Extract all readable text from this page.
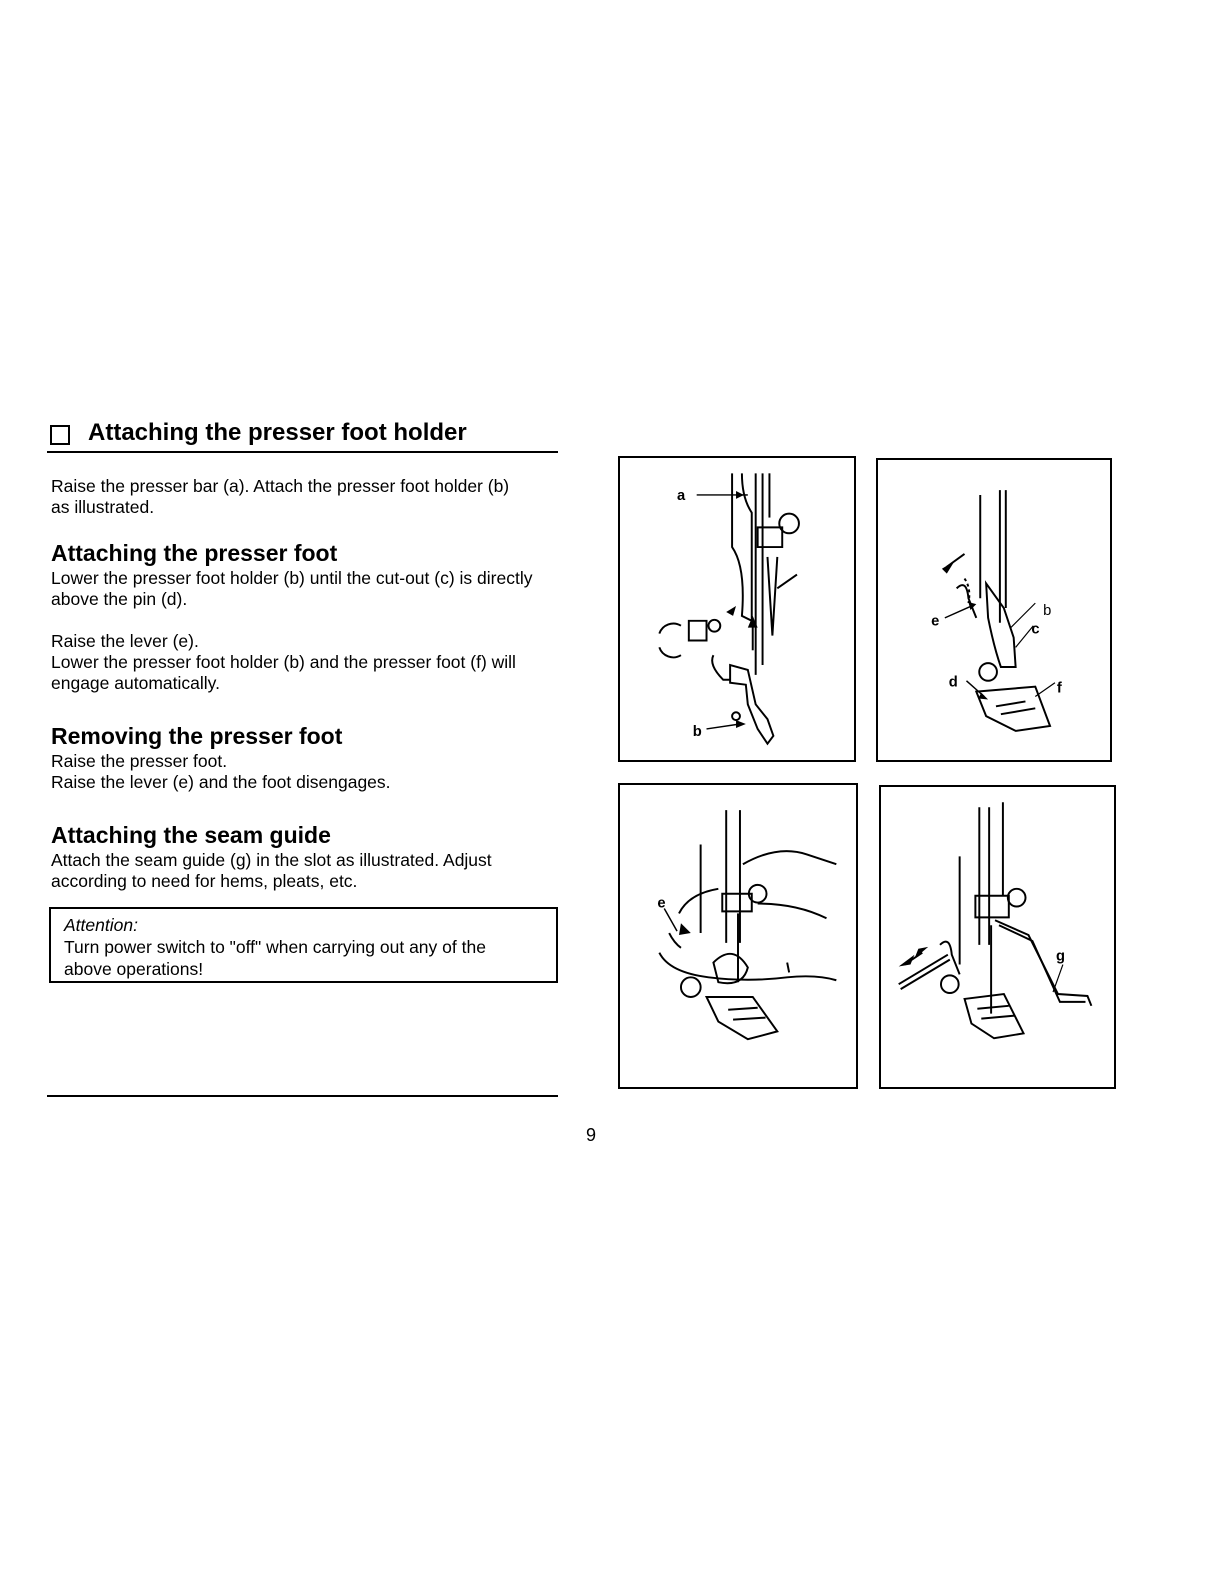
Attaching the presser foot holder
Raise the presser bar (a). Attach the presser foot holder (b)
as illustrated.
Attaching the presser foot
Lower the presser foot holder (b) until the cut-out (c) is directly
above the pin (d).
Raise the lever (e).
Lower the presser foot holder (b) and the presser foot (f) will
engage automatically.
Removing the presser foot
Raise the presser foot.
Raise the lever (e) and the foot disengages.
Attaching the seam guide
Attach the seam guide (g) in the slot as illustrated. Adjust
according to need for hems, pleats, etc.
Attention:
Turn power switch to "off" when carrying out any of the
above operations!
a
b
e
b
c
d	f
e
g
9
